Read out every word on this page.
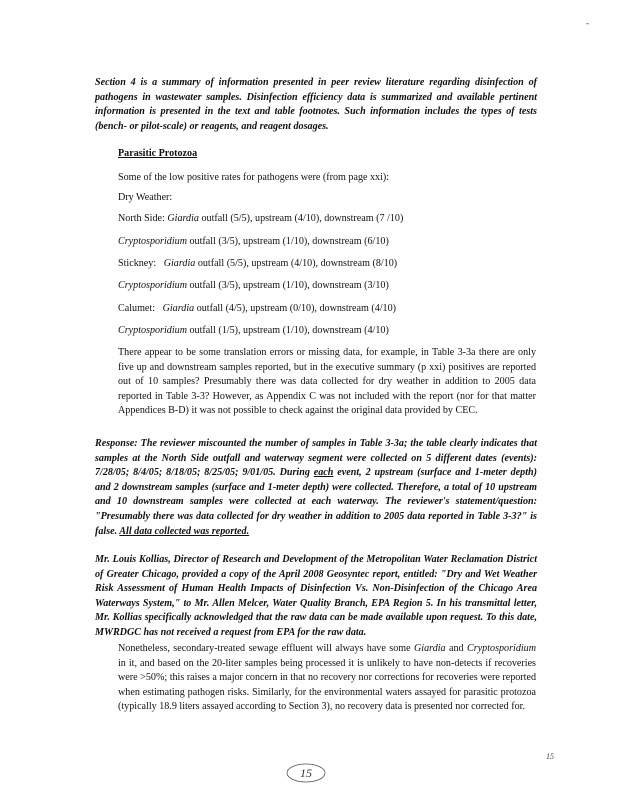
-
Section 4 is a summary of information presented in peer review literature regarding disinfection of pathogens in wastewater samples. Disinfection efficiency data is summarized and available pertinent information is presented in the text and table footnotes. Such information includes the types of tests (bench- or pilot-scale) or reagents, and reagent dosages.
Parasitic Protozoa
Some of the low positive rates for pathogens were (from page xxi):
Dry Weather:
North Side: Giardia outfall (5/5), upstream (4/10), downstream (7 /10)
Cryptosporidium outfall (3/5), upstream (1/10), downstream (6/10)
Stickney:   Giardia outfall (5/5), upstream (4/10), downstream (8/10)
Cryptosporidium outfall (3/5), upstream (1/10), downstream (3/10)
Calumet:   Giardia outfall (4/5), upstream (0/10), downstream (4/10)
Cryptosporidium outfall (1/5), upstream (1/10), downstream (4/10)
There appear to be some translation errors or missing data, for example, in Table 3-3a there are only five up and downstream samples reported, but in the executive summary (p xxi) positives are reported out of 10 samples? Presumably there was data collected for dry weather in addition to 2005 data reported in Table 3-3? However, as Appendix C was not included with the report (nor for that matter Appendices B-D) it was not possible to check against the original data provided by CEC.
Response: The reviewer miscounted the number of samples in Table 3-3a; the table clearly indicates that samples at the North Side outfall and waterway segment were collected on 5 different dates (events): 7/28/05; 8/4/05; 8/18/05; 8/25/05; 9/01/05. During each event, 2 upstream (surface and 1-meter depth) and 2 downstream samples (surface and 1-meter depth) were collected. Therefore, a total of 10 upstream and 10 downstream samples were collected at each waterway. The reviewer's statement/question: "Presumably there was data collected for dry weather in addition to 2005 data reported in Table 3-3?" is false. All data collected was reported.
Mr. Louis Kollias, Director of Research and Development of the Metropolitan Water Reclamation District of Greater Chicago, provided a copy of the April 2008 Geosyntec report, entitled: "Dry and Wet Weather Risk Assessment of Human Health Impacts of Disinfection Vs. Non-Disinfection of the Chicago Area Waterways System," to Mr. Allen Melcer, Water Quality Branch, EPA Region 5. In his transmittal letter, Mr. Kollias specifically acknowledged that the raw data can be made available upon request. To this date, MWRDGC has not received a request from EPA for the raw data.
Nonetheless, secondary-treated sewage effluent will always have some Giardia and Cryptosporidium in it, and based on the 20-liter samples being processed it is unlikely to have non-detects if recoveries were >50%; this raises a major concern in that no recovery nor corrections for recoveries were reported when estimating pathogen risks. Similarly, for the environmental waters assayed for parasitic protozoa (typically 18.9 liters assayed according to Section 3), no recovery data is presented nor corrected for.
15
15
